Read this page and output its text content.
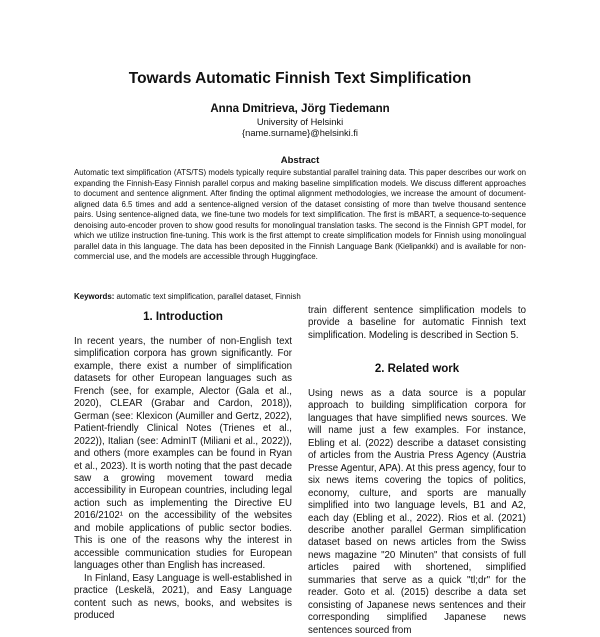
Towards Automatic Finnish Text Simplification
Anna Dmitrieva, Jörg Tiedemann
University of Helsinki
{name.surname}@helsinki.fi
Abstract
Automatic text simplification (ATS/TS) models typically require substantial parallel training data. This paper describes our work on expanding the Finnish-Easy Finnish parallel corpus and making baseline simplification models. We discuss different approaches to document and sentence alignment. After finding the optimal alignment methodologies, we increase the amount of document-aligned data 6.5 times and add a sentence-aligned version of the dataset consisting of more than twelve thousand sentence pairs. Using sentence-aligned data, we fine-tune two models for text simplification. The first is mBART, a sequence-to-sequence denoising auto-encoder proven to show good results for monolingual translation tasks. The second is the Finnish GPT model, for which we utilize instruction fine-tuning. This work is the first attempt to create simplification models for Finnish using monolingual parallel data in this language. The data has been deposited in the Finnish Language Bank (Kielipankki) and is available for non-commercial use, and the models are accessible through Huggingface.
Keywords: automatic text simplification, parallel dataset, Finnish
1. Introduction

In recent years, the number of non-English text simplification corpora has grown significantly. For example, there exist a number of simplification datasets for other European languages such as French (see, for example, Alector (Gala et al., 2020), CLEAR (Grabar and Cardon, 2018)), German (see: Klexicon (Aumiller and Gertz, 2022), Patient-friendly Clinical Notes (Trienes et al., 2022)), Italian (see: AdminIT (Miliani et al., 2022)), and others (more examples can be found in Ryan et al., 2023). It is worth noting that the past decade saw a growing movement toward media accessibility in European countries, including legal action such as implementing the Directive EU 2016/2102¹ on the accessibility of the websites and mobile applications of public sector bodies. This is one of the reasons why the interest in accessible communication studies for European languages other than English has increased.

In Finland, Easy Language is well-established in practice (Leskelä, 2021), and Easy Language content such as news, books, and websites is produced

train different sentence simplification models to provide a baseline for automatic Finnish text simplification. Modeling is described in Section 5.

2. Related work

Using news as a data source is a popular approach to building simplification corpora for languages that have simplified news sources. We will name just a few examples. For instance, Ebling et al. (2022) describe a dataset consisting of articles from the Austria Press Agency (Austria Presse Agentur, APA). At this press agency, four to six news items covering the topics of politics, economy, culture, and sports are manually simplified into two language levels, B1 and A2, each day (Ebling et al., 2022). Rios et al. (2021) describe another parallel German simplification dataset based on news articles from the Swiss news magazine "20 Minuten" that consists of full articles paired with shortened, simplified summaries that serve as a quick "tl;dr" for the reader. Goto et al. (2015) describe a data set consisting of Japanese news sentences and their corresponding simplified Japanese news sentences sourced from
